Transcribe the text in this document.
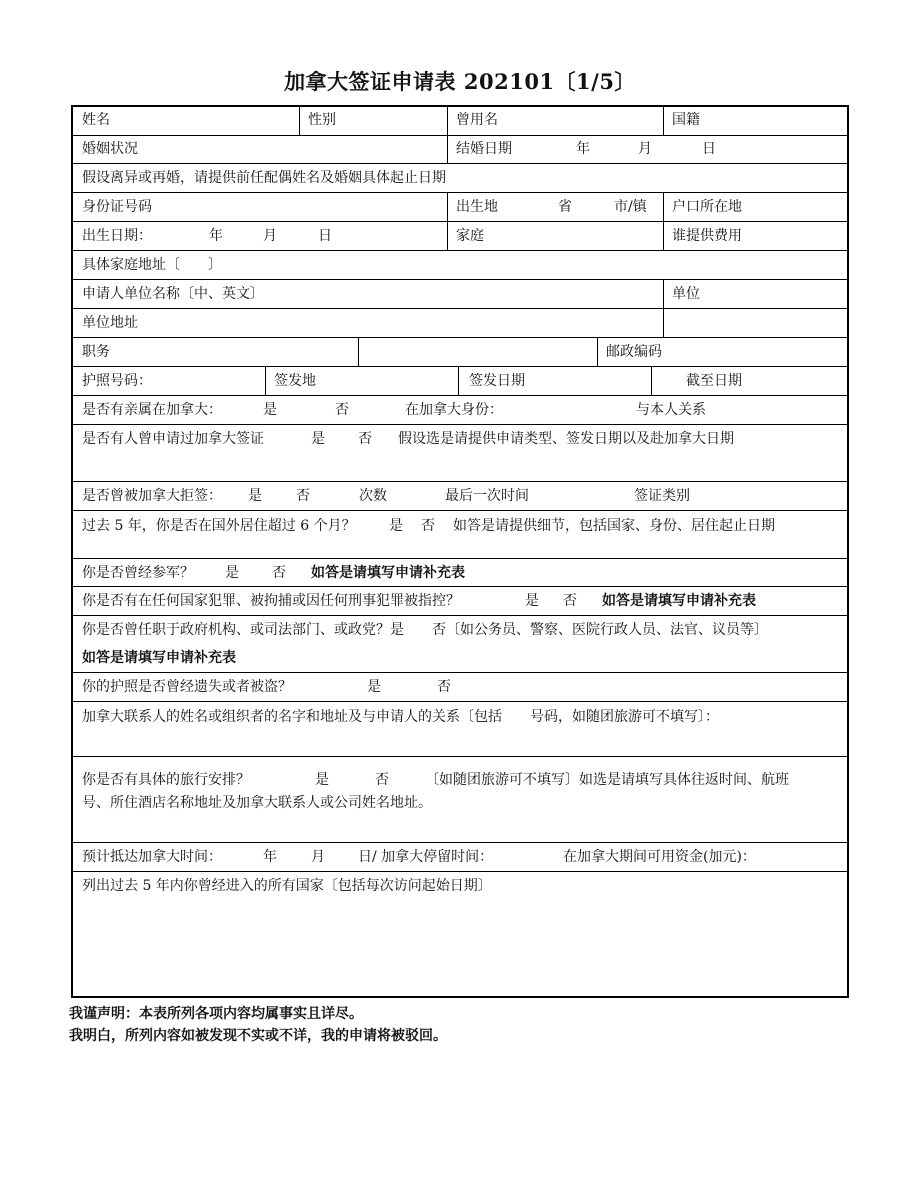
加拿大签证申请表 202101〔1/5〕
姓名	性别	曾用名	国籍
婚姻状况	结婚日期	年	月	日
假设离异或再婚，请提供前任配偶姓名及婚姻具体起止日期
身份证号码	出生地	省	市/镇 户口所在地
出生日期：	年	月	日	家庭	谁提供费用
具体家庭地址〔　　〕
申请人单位名称〔中、英文〕	单位
单位地址
职务	邮政编码
护照号码：	签发地	签发日期	截至日期
是否有亲属在加拿大：	是	否	在加拿大身份：	与本人关系
是否有人曾申请过加拿大签证	是 否 假设选是请提供申请类型、签发日期以及赴加拿大日期
是否曾被加拿大拒签： 是 否	次数	最后一次时间	签证类别
过去 5 年，你是否在国外居住超过 6 个月？ 是 否 如答是请提供细节，包括国家、身份、居住起止日期
你是否曾经参军？ 是 否 如答是请填写申请补充表
你是否有在任何国家犯罪、被拘捕或因任何刑事犯罪被指控？	是 否 如答是请填写申请补充表
你是否曾任职于政府机构、或司法部门、或政党？是　　否〔如公务员、警察、医院行政人员、法官、议员等〕
如答是请填写申请补充表
你的护照是否曾经遗失或者被盗？	是	否
加拿大联系人的姓名或组织者的名字和地址及与申请人的关系〔包括　　号码，如随团旅游可不填写〕：
你是否有具体的旅行安排？	是	否	〔如随团旅游可不填写〕如选是请填写具体往返时间、航班
号、所住酒店名称地址及加拿大联系人或公司姓名地址。
预计抵达加拿大时间：	年 月 日/ 加拿大停留时间：	在加拿大期间可用资金(加元)：
列出过去 5 年内你曾经进入的所有国家〔包括每次访问起始日期〕
我谨声明：本表所列各项内容均属事实且详尽。
我明白，所列内容如被发现不实或不详，我的申请将被驳回。
